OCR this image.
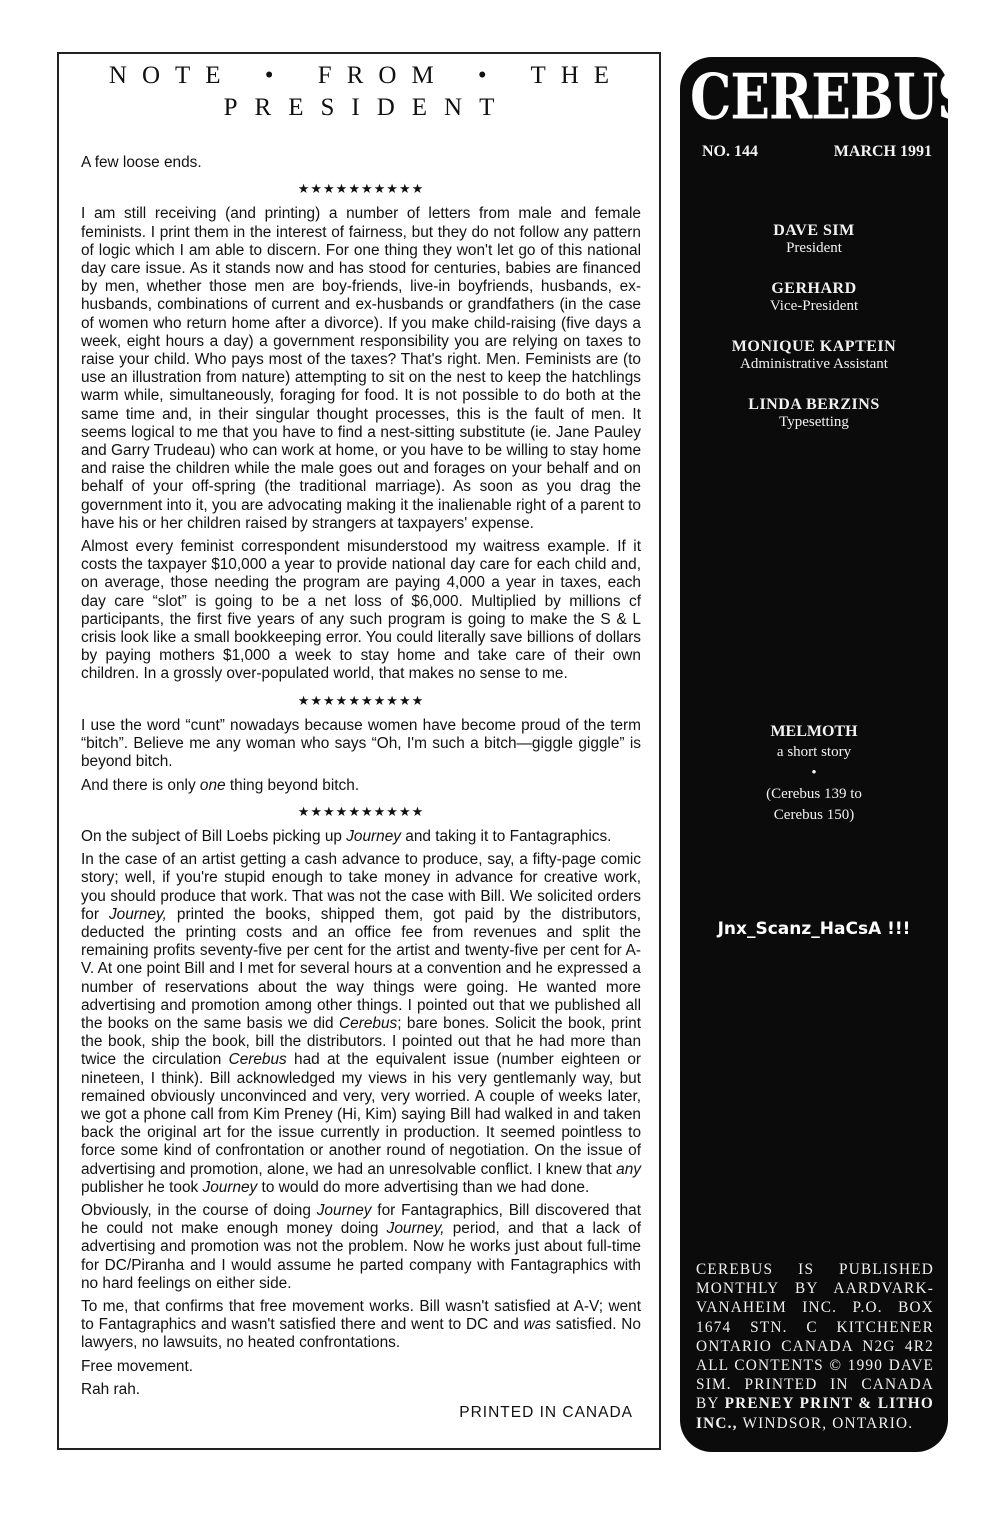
NOTE • FROM • THE
PRESIDENT

A few loose ends.

★★★★★★★★★★

I am still receiving (and printing) a number of letters from male and female feminists. I print them in the interest of fairness, but they do not follow any pattern of logic which I am able to discern. For one thing they won't let go of this national day care issue. As it stands now and has stood for centuries, babies are financed by men, whether those men are boy-friends, live-in boyfriends, husbands, ex-husbands, combinations of current and ex-husbands or grandfathers (in the case of women who return home after a divorce). If you make child-raising (five days a week, eight hours a day) a government responsibility you are relying on taxes to raise your child. Who pays most of the taxes? That's right. Men. Feminists are (to use an illustration from nature) attempting to sit on the nest to keep the hatchlings warm while, simultaneously, foraging for food. It is not possible to do both at the same time and, in their singular thought processes, this is the fault of men. It seems logical to me that you have to find a nest-sitting substitute (ie. Jane Pauley and Garry Trudeau) who can work at home, or you have to be willing to stay home and raise the children while the male goes out and forages on your behalf and on behalf of your off-spring (the traditional marriage). As soon as you drag the government into it, you are advocating making it the inalienable right of a parent to have his or her children raised by strangers at taxpayers' expense.

Almost every feminist correspondent misunderstood my waitress example. If it costs the taxpayer $10,000 a year to provide national day care for each child and, on average, those needing the program are paying 4,000 a year in taxes, each day care “slot” is going to be a net loss of $6,000. Multiplied by millions cf participants, the first five years of any such program is going to make the S & L crisis look like a small bookkeeping error. You could literally save billions of dollars by paying mothers $1,000 a week to stay home and take care of their own children. In a grossly over-populated world, that makes no sense to me.

★★★★★★★★★★

I use the word “cunt” nowadays because women have become proud of the term “bitch”. Believe me any woman who says “Oh, I'm such a bitch—giggle giggle” is beyond bitch.

And there is only one thing beyond bitch.

★★★★★★★★★★

On the subject of Bill Loebs picking up Journey and taking it to Fantagraphics.

In the case of an artist getting a cash advance to produce, say, a fifty-page comic story; well, if you're stupid enough to take money in advance for creative work, you should produce that work. That was not the case with Bill. We solicited orders for Journey, printed the books, shipped them, got paid by the distributors, deducted the printing costs and an office fee from revenues and split the remaining profits seventy-five per cent for the artist and twenty-five per cent for A-V. At one point Bill and I met for several hours at a convention and he expressed a number of reservations about the way things were going. He wanted more advertising and promotion among other things. I pointed out that we published all the books on the same basis we did Cerebus; bare bones. Solicit the book, print the book, ship the book, bill the distributors. I pointed out that he had more than twice the circulation Cerebus had at the equivalent issue (number eighteen or nineteen, I think). Bill acknowledged my views in his very gentlemanly way, but remained obviously unconvinced and very, very worried. A couple of weeks later, we got a phone call from Kim Preney (Hi, Kim) saying Bill had walked in and taken back the original art for the issue currently in production. It seemed pointless to force some kind of confrontation or another round of negotiation. On the issue of advertising and promotion, alone, we had an unresolvable conflict. I knew that any publisher he took Journey to would do more advertising than we had done.

Obviously, in the course of doing Journey for Fantagraphics, Bill discovered that he could not make enough money doing Journey, period, and that a lack of advertising and promotion was not the problem. Now he works just about full-time for DC/Piranha and I would assume he parted company with Fantagraphics with no hard feelings on either side.

To me, that confirms that free movement works. Bill wasn't satisfied at A-V; went to Fantagraphics and wasn't satisfied there and went to DC and was satisfied. No lawyers, no lawsuits, no heated confrontations.

Free movement.

Rah rah.

PRINTED IN CANADA
CEREBUS
NO. 144	MARCH 1991
DAVE SIM
President
GERHARD
Vice-President
MONIQUE KAPTEIN
Administrative Assistant
LINDA BERZINS
Typesetting
MELMOTH
a short story
•
(Cerebus 139 to
Cerebus 150)
Jnx_Scanz_HaCsA !!!
CEREBUS IS PUBLISHED MONTHLY BY AARDVARK-VANAHEIM INC. P.O. BOX 1674 STN. C KITCHENER ONTARIO CANADA N2G 4R2 ALL CONTENTS © 1990 DAVE SIM. PRINTED IN CANADA BY PRENEY PRINT & LITHO INC., WINDSOR, ONTARIO.
